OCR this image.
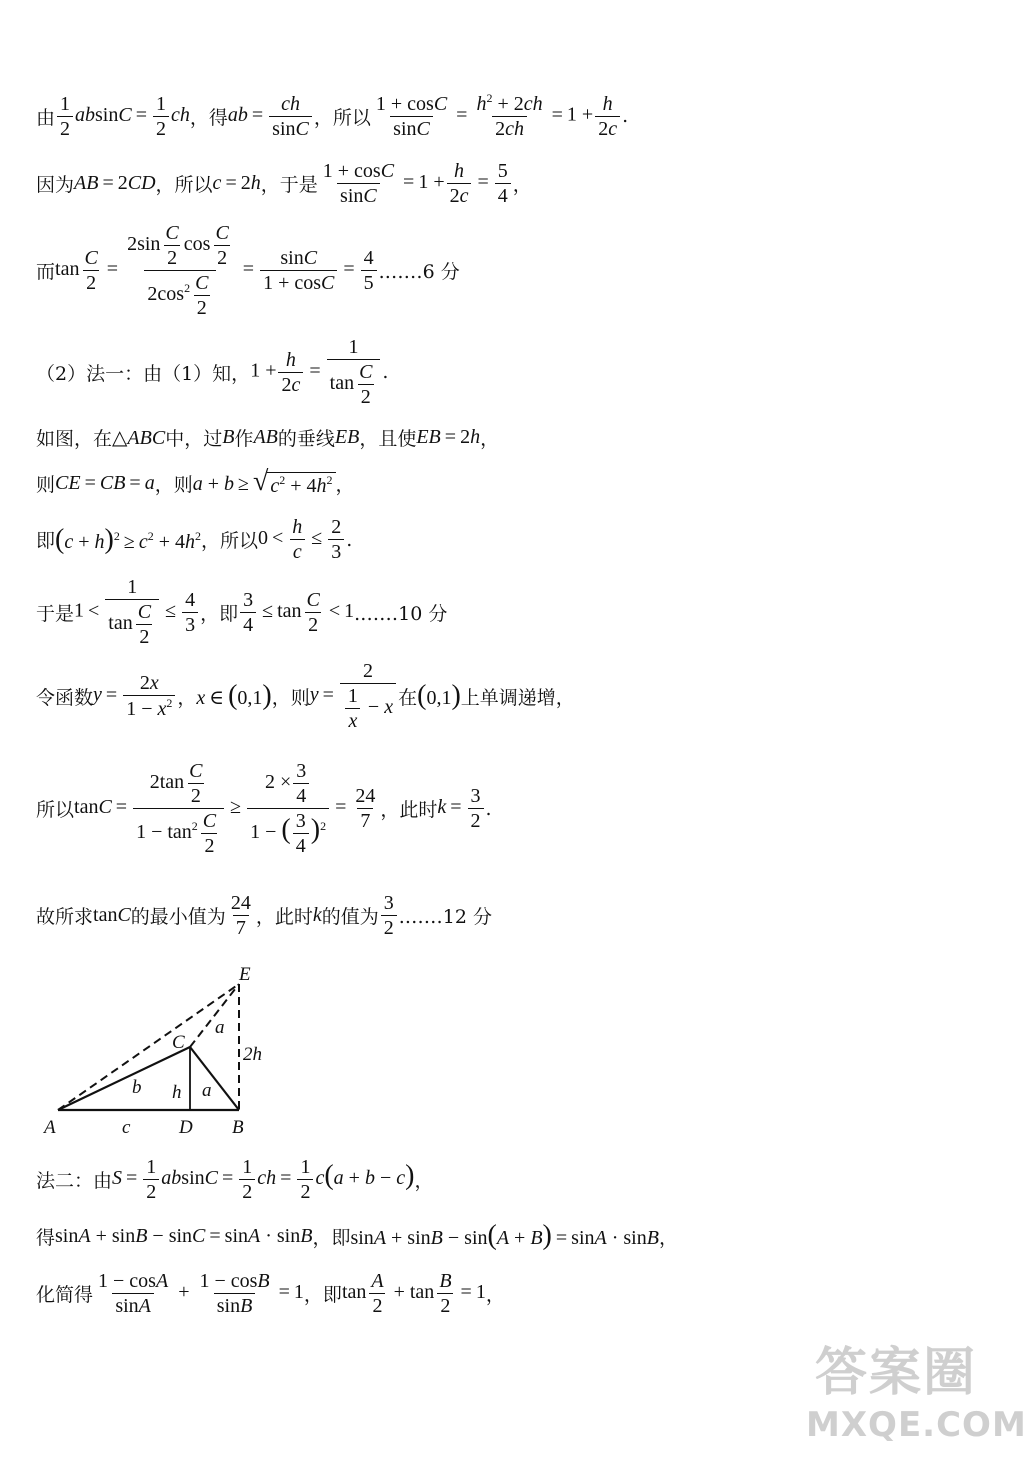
由 $\frac{1}{2}$ $absinC = \frac{1}{2}$ ch ，得 ab = $\frac{ch}{\sin C}$ ，所以 $\frac{1 + \cos C}{\sin C} = \frac{h^2 + 2ch}{2ch} = 1 + \frac{h}{2c}$ .
因为 AB = 2CD ，所以 c = 2h ，于是 $\frac{1 + \cos C}{\sin C} = 1 + \frac{h}{2c} = \frac{5}{4}$ ，
而 $\tan \frac{C}{2} = \frac{2\sin \frac{C}{2} \cos \frac{C}{2}}{2\cos^2 \frac{C}{2}} = \frac{\sin C}{1 + \cos C} = \frac{4}{5}$ .……6 分
（2）法一：由（1）知， $1 + \frac{h}{2c} = \frac{1}{\tan \frac{C}{2}}$ .
如图，在 △ABC 中，过 B 作 AB 的垂线 EB ，且使 EB = 2h ，
则 CE = CB = a ，则 a + b ≥ √ $c^2 + 4h^2$ ，
即 $(c + h)^2 \ge c^2 + 4h^2$ ，所以 $0 < \frac{h}{c} \le \frac{2}{3}$ .
于是 $1 < \frac{1}{\tan \frac{C}{2}} \le \frac{4}{3}$ ，即 $\frac{3}{4} \le \tan \frac{C}{2} < 1$ .……10 分
令函数 $y = \frac{2x}{1 - x^2}$ ， x ∈ (0,1) ，则 $y = \frac{2}{\frac{1}{x} - x}$ 在 (0,1) 上单调递增，
所以 $\tan C = \frac{2\tan \frac{C}{2}}{1 - \tan^2 \frac{C}{2}} \ge \frac{2 \times \frac{3}{4}}{1 - ( \frac{3}{4} )^2} = \frac{24}{7}$ ，此时 $k = \frac{3}{2}$ .
故所求 tanC 的最小值为 $\frac{24}{7}$ ，此时 k 的值为 $\frac{3}{2}$ .……12 分
A	c	D B
C
E
b h a
a
2h
法二：由 $S = \frac{1}{2}$ $absinC = \frac{1}{2}$ ch = $\frac{1}{2} c(a + b - c)$ ，
得 sinA + sinB − sinC = sinA · sinB ，即 sinA + sinB − sin(A + B) = sinA · sinB ，
化简得 $\frac{1 - \cos A}{\sin A} + \frac{1 - \cos B}{\sin B} = 1$ ，即 $\tan \frac{A}{2} + \tan \frac{B}{2} = 1$ ，
答案圈
MXQE.COM
